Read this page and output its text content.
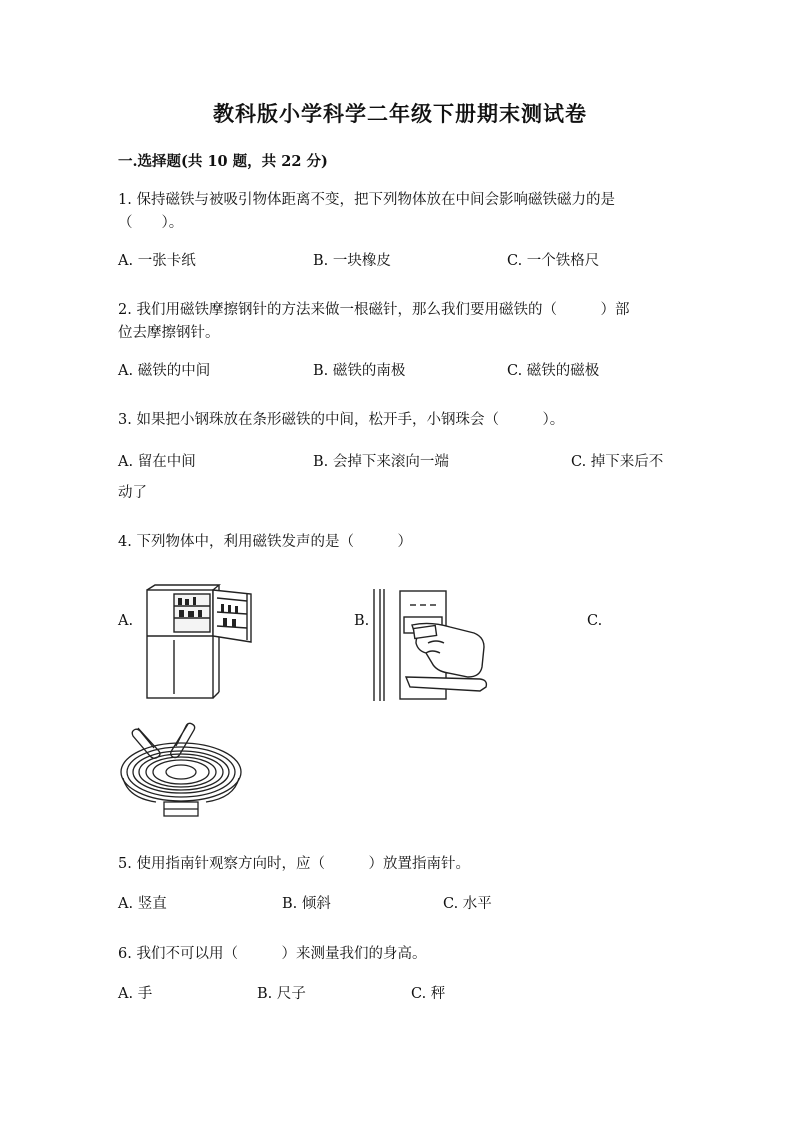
教科版小学科学二年级下册期末测试卷
一.选择题(共 10 题，共 22 分)
1. 保持磁铁与被吸引物体距离不变，把下列物体放在中间会影响磁铁磁力的是
（　　）。
A. 一张卡纸	B. 一块橡皮	C. 一个铁格尺
2. 我们用磁铁摩擦钢针的方法来做一根磁针，那么我们要用磁铁的（　　　）部
位去摩擦钢针。
A. 磁铁的中间	B. 磁铁的南极	C. 磁铁的磁极
3. 如果把小钢珠放在条形磁铁的中间，松开手，小钢珠会（　　　）。
A. 留在中间	B. 会掉下来滚向一端	C. 掉下来后不
动了
4. 下列物体中，利用磁铁发声的是（　　　）
A.	B.	C.
5. 使用指南针观察方向时，应（　　　）放置指南针。
A. 竖直	B. 倾斜	C. 水平
6. 我们不可以用（　　　）来测量我们的身高。
A. 手	B. 尺子	C. 秤
